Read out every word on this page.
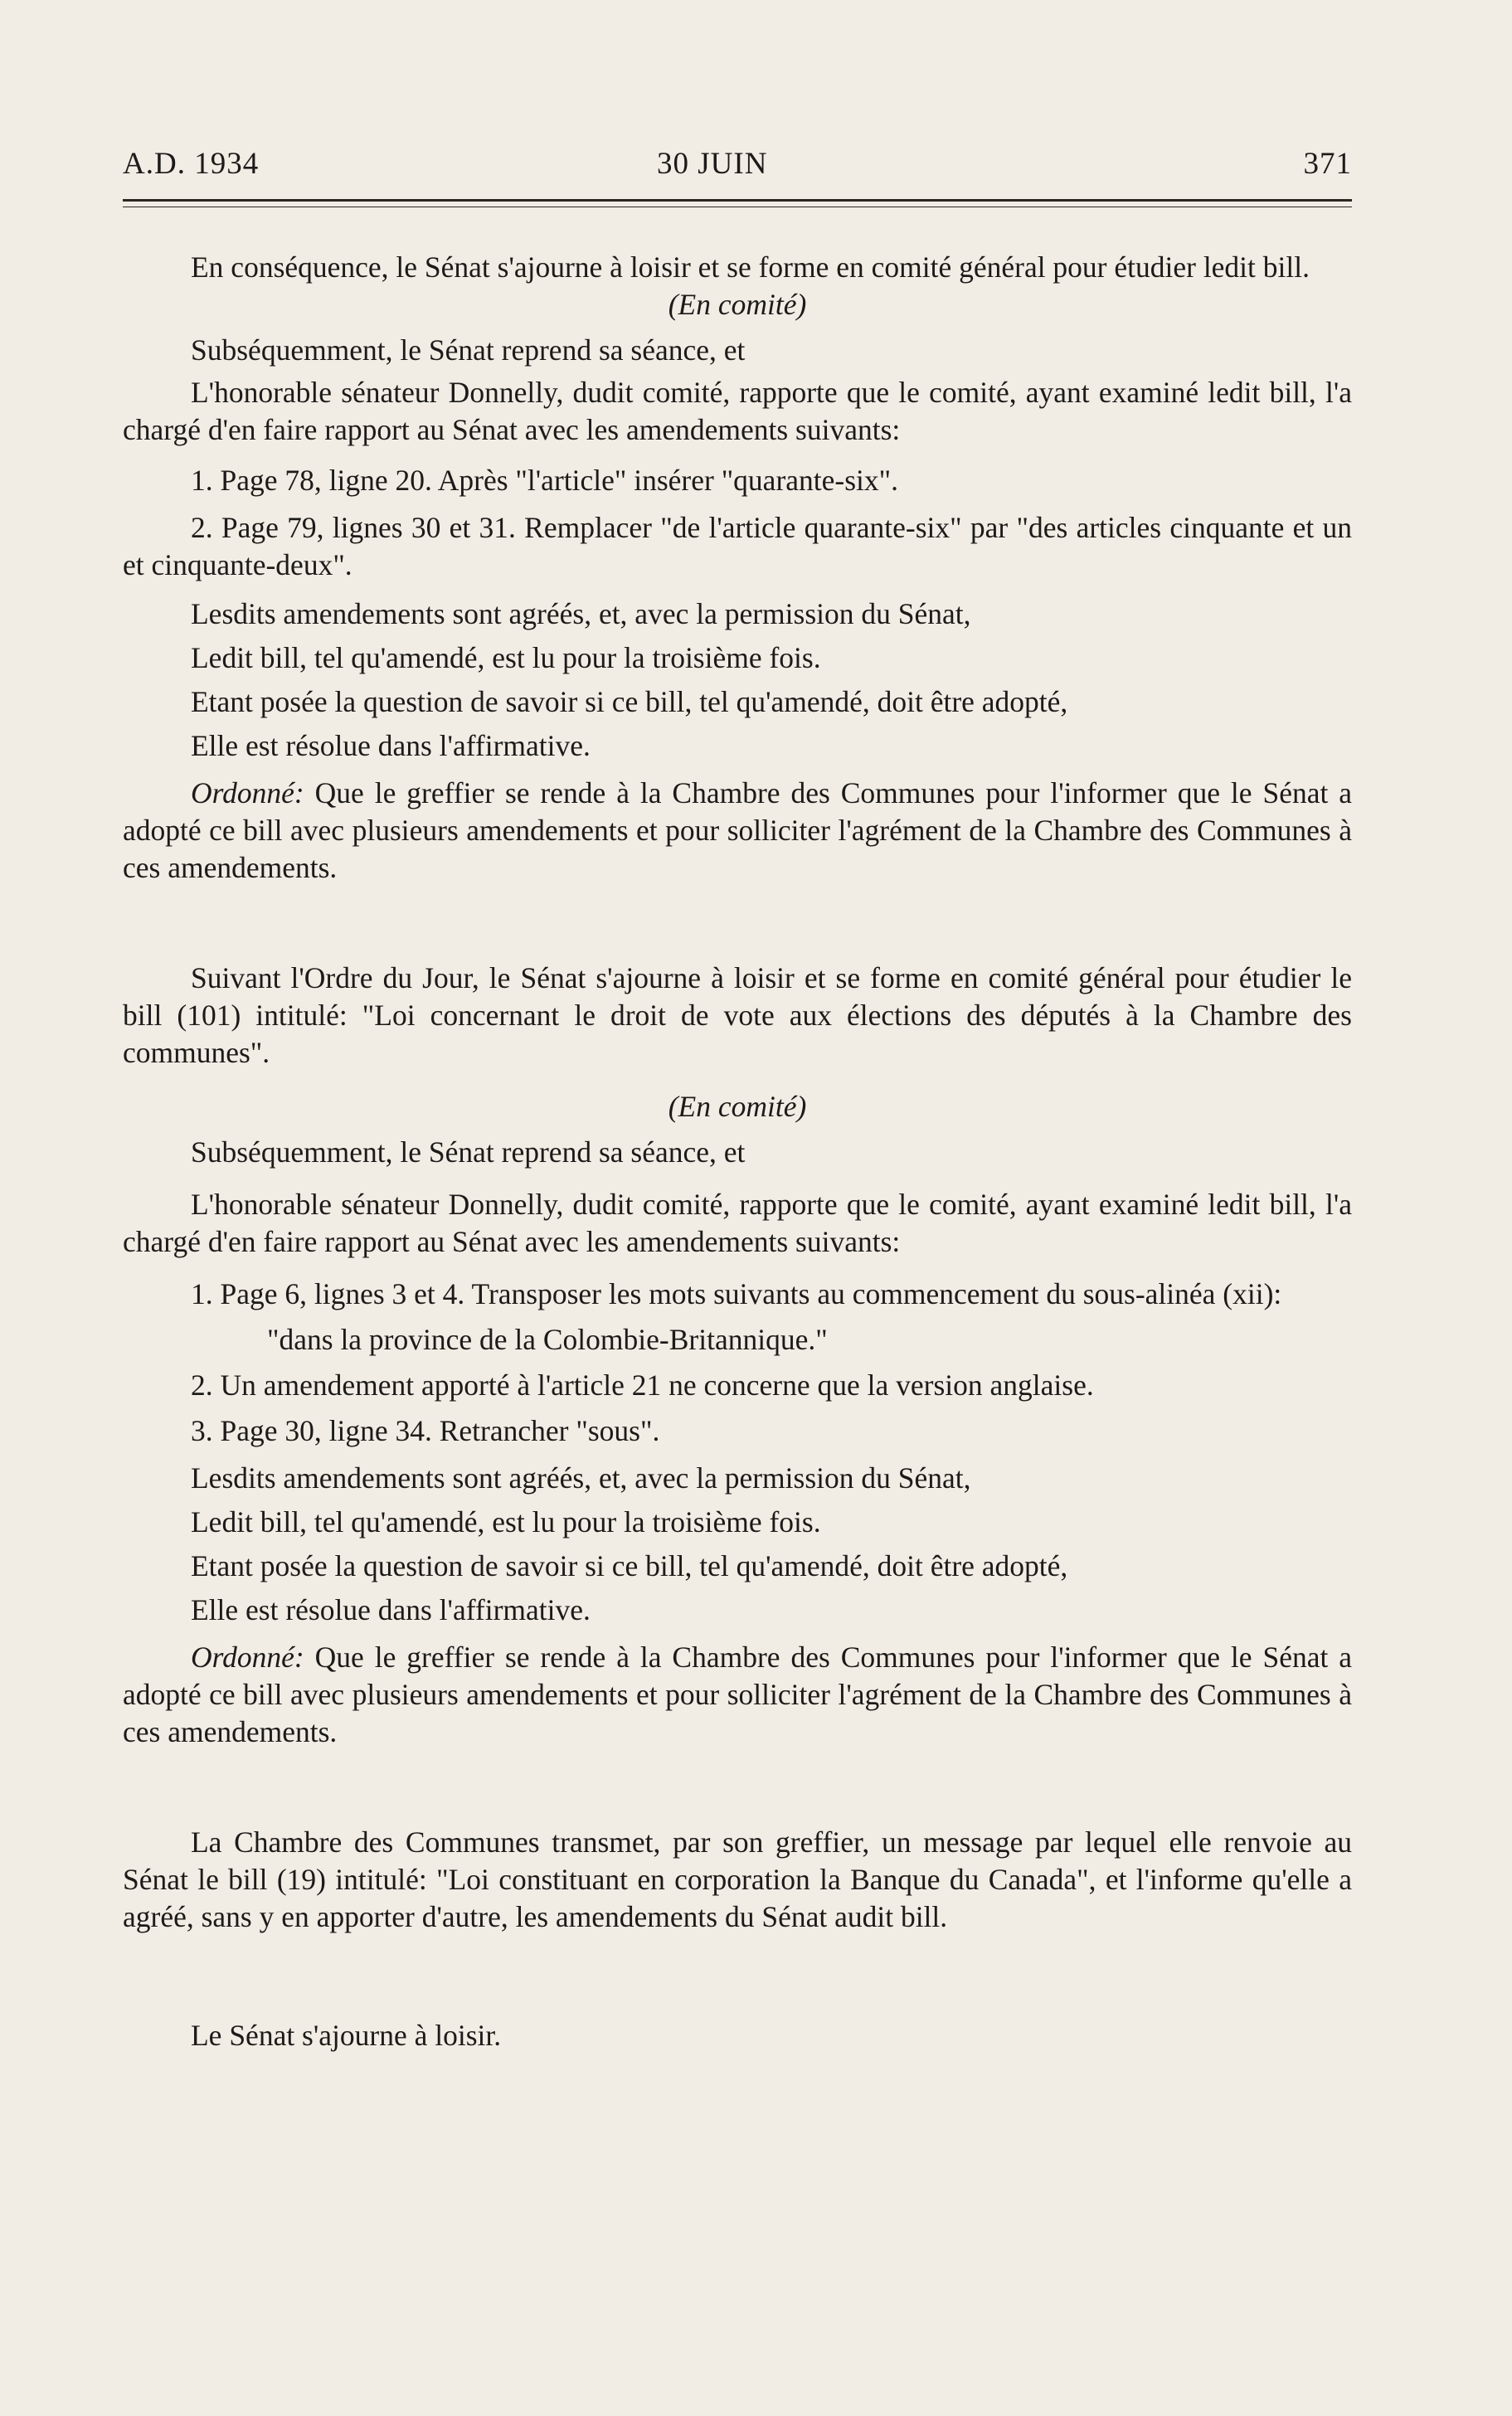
A.D. 1934	30 JUIN	371

En conséquence, le Sénat s'ajourne à loisir et se forme en comité général pour étudier ledit bill.

(En comité)

Subséquemment, le Sénat reprend sa séance, et

L'honorable sénateur Donnelly, dudit comité, rapporte que le comité, ayant examiné ledit bill, l'a chargé d'en faire rapport au Sénat avec les amendements suivants:

1. Page 78, ligne 20. Après "l'article" insérer "quarante-six".

2. Page 79, lignes 30 et 31. Remplacer "de l'article quarante-six" par "des articles cinquante et un et cinquante-deux".

Lesdits amendements sont agréés, et, avec la permission du Sénat,

Ledit bill, tel qu'amendé, est lu pour la troisième fois.

Etant posée la question de savoir si ce bill, tel qu'amendé, doit être adopté,

Elle est résolue dans l'affirmative.

Ordonné: Que le greffier se rende à la Chambre des Communes pour l'informer que le Sénat a adopté ce bill avec plusieurs amendements et pour solliciter l'agrément de la Chambre des Communes à ces amendements.

Suivant l'Ordre du Jour, le Sénat s'ajourne à loisir et se forme en comité général pour étudier le bill (101) intitulé: "Loi concernant le droit de vote aux élections des députés à la Chambre des communes".

(En comité)

Subséquemment, le Sénat reprend sa séance, et

L'honorable sénateur Donnelly, dudit comité, rapporte que le comité, ayant examiné ledit bill, l'a chargé d'en faire rapport au Sénat avec les amendements suivants:

1. Page 6, lignes 3 et 4. Transposer les mots suivants au commencement du sous-alinéa (xii):

"dans la province de la Colombie-Britannique."

2. Un amendement apporté à l'article 21 ne concerne que la version anglaise.

3. Page 30, ligne 34. Retrancher "sous".

Lesdits amendements sont agréés, et, avec la permission du Sénat,

Ledit bill, tel qu'amendé, est lu pour la troisième fois.

Etant posée la question de savoir si ce bill, tel qu'amendé, doit être adopté,

Elle est résolue dans l'affirmative.

Ordonné: Que le greffier se rende à la Chambre des Communes pour l'informer que le Sénat a adopté ce bill avec plusieurs amendements et pour solliciter l'agrément de la Chambre des Communes à ces amendements.

La Chambre des Communes transmet, par son greffier, un message par lequel elle renvoie au Sénat le bill (19) intitulé: "Loi constituant en corporation la Banque du Canada", et l'informe qu'elle a agréé, sans y en apporter d'autre, les amendements du Sénat audit bill.

Le Sénat s'ajourne à loisir.
